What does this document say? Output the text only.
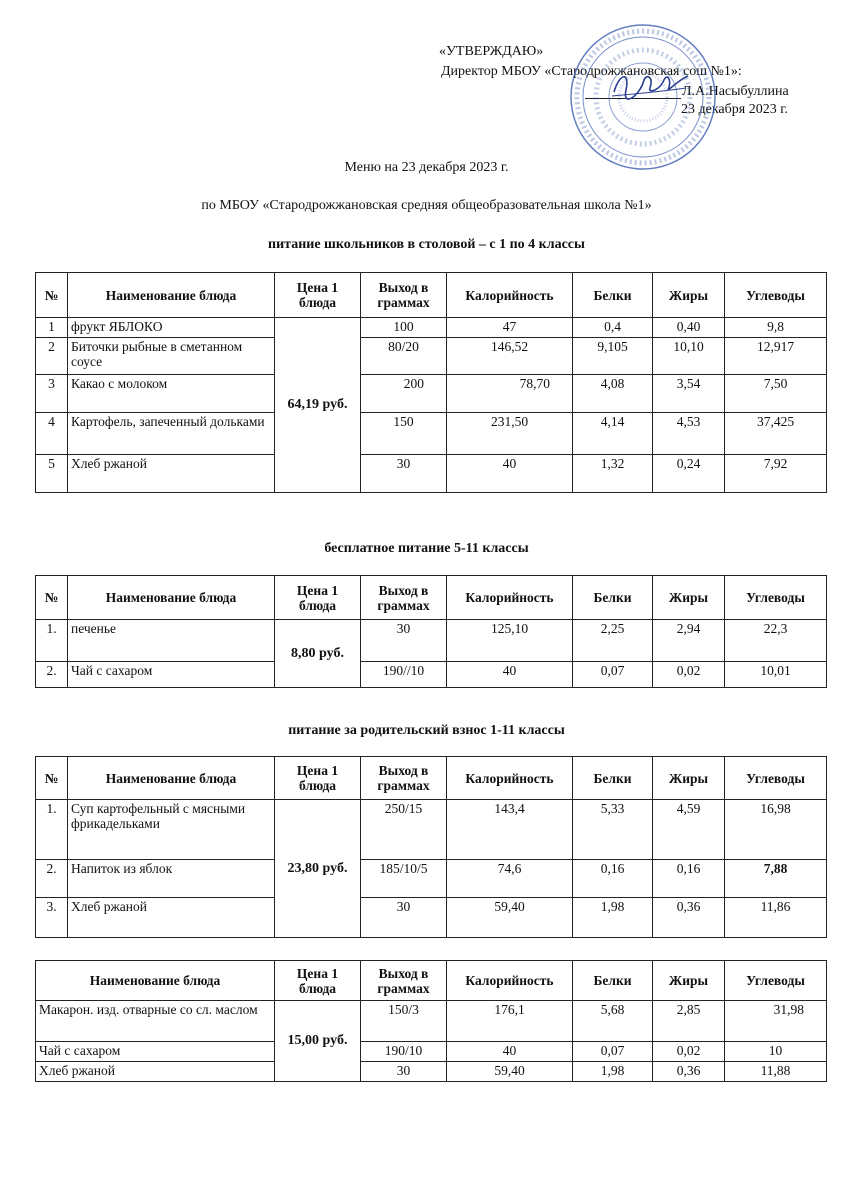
«УТВЕРЖДАЮ»
Директор МБОУ «Стародрожжановская сош №1»:
Л.А.Насыбуллина
23 декабря 2023 г.
Меню на 23 декабря 2023 г.
по МБОУ «Стародрожжановская средняя общеобразовательная школа №1»
питание школьников в столовой – с 1 по 4 классы
№	Наименование блюда	Цена 1 блюда	Выход в граммах	Калорийность	Белки	Жиры	Углеводы
1	фрукт ЯБЛОКО	64,19 руб.	100	47	0,4	0,40	9,8
2	Биточки рыбные в сметанном соусе		80/20	146,52	9,105	10,10	12,917
3	Какао с молоком		200	78,70	4,08	3,54	7,50
4	Картофель, запеченный дольками		150	231,50	4,14	4,53	37,425
5	Хлеб ржаной		30	40	1,32	0,24	7,92
бесплатное питание 5-11 классы
№	Наименование блюда	Цена 1 блюда	Выход в граммах	Калорийность	Белки	Жиры	Углеводы
1.	печенье	8,80 руб.	30	125,10	2,25	2,94	22,3
2.	Чай с сахаром		190//10	40	0,07	0,02	10,01
питание за родительский взнос 1-11 классы
№	Наименование блюда	Цена 1 блюда	Выход в граммах	Калорийность	Белки	Жиры	Углеводы
1.	Суп картофельный с мясными фрикадельками	23,80 руб.	250/15	143,4	5,33	4,59	16,98
2.	Напиток из яблок		185/10/5	74,6	0,16	0,16	7,88
3.	Хлеб ржаной		30	59,40	1,98	0,36	11,86
Наименование блюда	Цена 1 блюда	Выход в граммах	Калорийность	Белки	Жиры	Углеводы
Макарон. изд. отварные со сл. маслом	15,00 руб.	150/3	176,1	5,68	2,85	31,98
Чай с сахаром		190/10	40	0,07	0,02	10
Хлеб ржаной		30	59,40	1,98	0,36	11,88
